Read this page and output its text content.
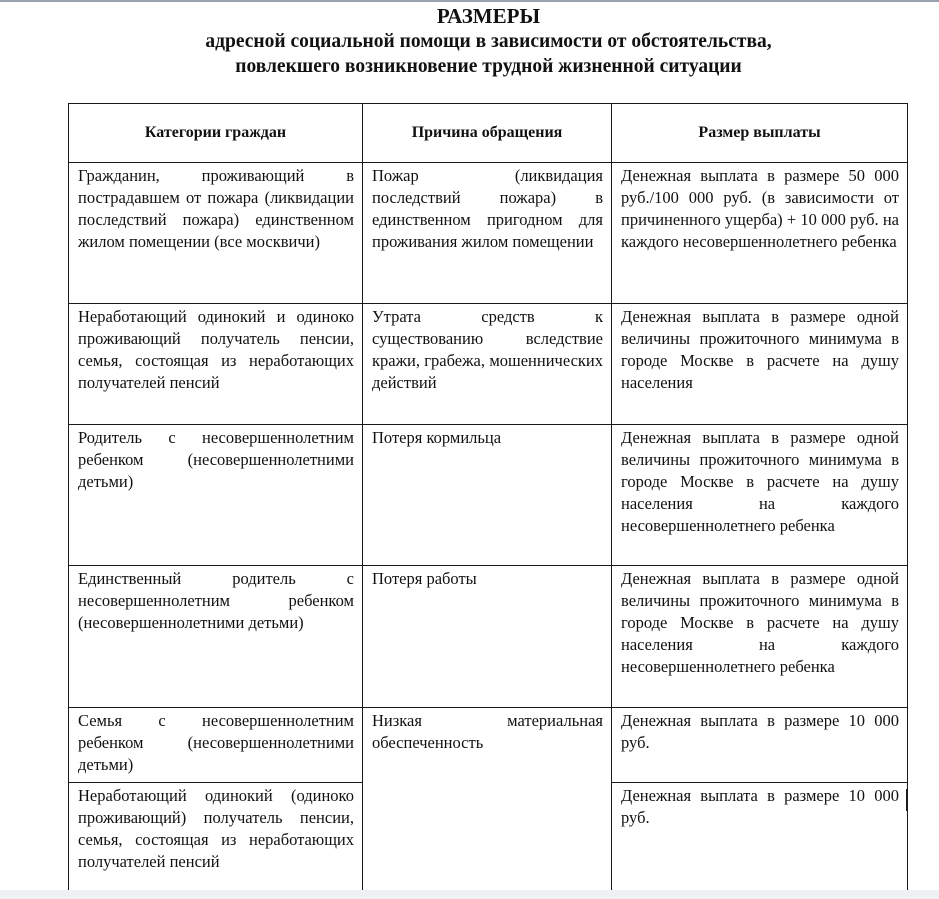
РАЗМЕРЫ
адресной социальной помощи в зависимости от обстоятельства,
повлекшего возникновение трудной жизненной ситуации
Категории граждан	Причина обращения	Размер выплаты
Гражданин, проживающий в пострадавшем от пожара (ликвидации последствий пожара) единственном жилом помещении (все москвичи)	Пожар (ликвидация последствий пожара) в единственном пригодном для проживания жилом помещении	Денежная выплата в размере 50 000 руб./100 000 руб. (в зависимости от причиненного ущерба) + 10 000 руб. на каждого несовершеннолетнего ребенка
Неработающий одинокий и одиноко проживающий получатель пенсии, семья, состоящая из неработающих получателей пенсий	Утрата средств к существованию вследствие кражи, грабежа, мошеннических действий	Денежная выплата в размере одной величины прожиточного минимума в городе Москве в расчете на душу населения
Родитель с несовершеннолетним ребенком (несовершеннолетними детьми)	Потеря кормильца	Денежная выплата в размере одной величины прожиточного минимума в городе Москве в расчете на душу населения на каждого несовершеннолетнего ребенка
Единственный родитель с несовершеннолетним ребенком (несовершеннолетними детьми)	Потеря работы	Денежная выплата в размере одной величины прожиточного минимума в городе Москве в расчете на душу населения на каждого несовершеннолетнего ребенка
Семья с несовершеннолетним ребенком (несовершеннолетними детьми)	Низкая материальная обеспеченность	Денежная выплата в размере 10 000 руб.
Неработающий одинокий (одиноко проживающий) получатель пенсии, семья, состоящая из неработающих получателей пенсий		Денежная выплата в размере 10 000 руб.
